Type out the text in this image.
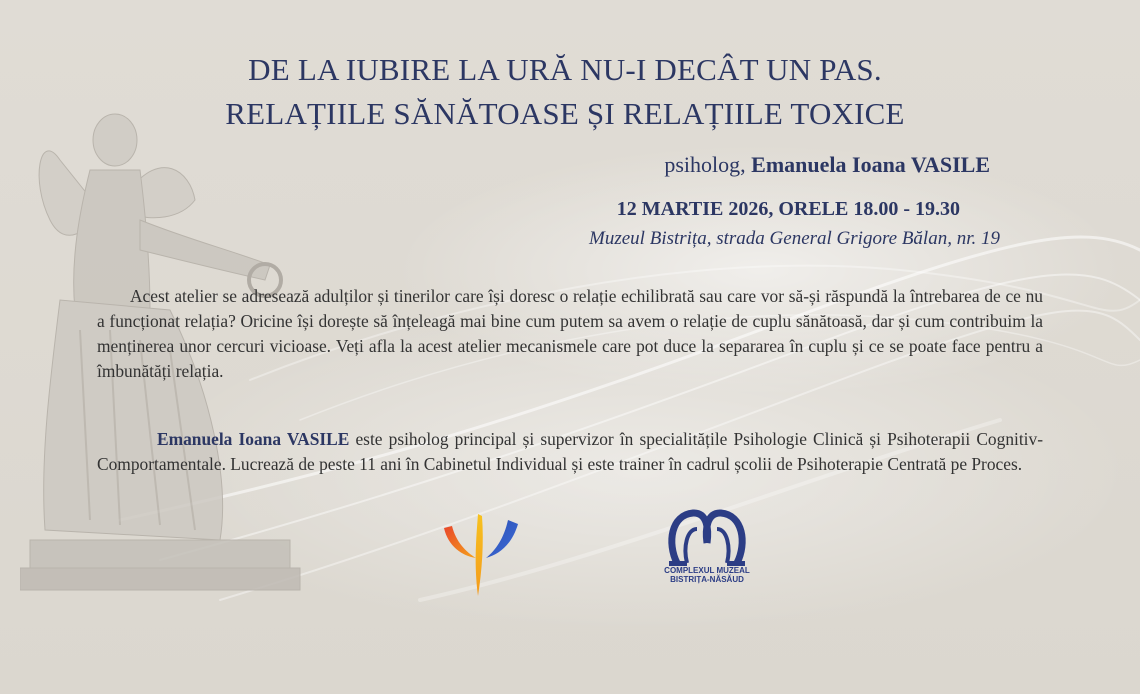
DE LA IUBIRE LA URĂ NU-I DECÂT UN PAS.
RELAȚIILE SĂNĂTOASE ȘI RELAȚIILE TOXICE
psiholog, Emanuela Ioana VASILE
12 MARTIE 2026, ORELE 18.00 - 19.30
Muzeul Bistrița, strada General Grigore Bălan, nr. 19
Acest atelier se adresează adulților și tinerilor care își doresc o relație echilibrată sau care vor să-și răspundă la întrebarea de ce nu a funcționat relația? Oricine își dorește să înțeleagă mai bine cum putem sa avem o relație de cuplu sănătoasă, dar și cum contribuim la menținerea unor cercuri vicioase. Veți afla la acest atelier mecanismele care pot duce la separarea în cuplu și ce se poate face pentru a îmbunătăți relația.
Emanuela Ioana VASILE este psiholog principal și supervizor în specialitățile Psihologie Clinică și Psihoterapii Cognitiv- Comportamentale. Lucrează de peste 11 ani în Cabinetul Individual și este trainer în cadrul școlii de Psihoterapie Centrată pe Proces.
COMPLEXUL MUZEAL
BISTRIȚA-NĂSĂUD
